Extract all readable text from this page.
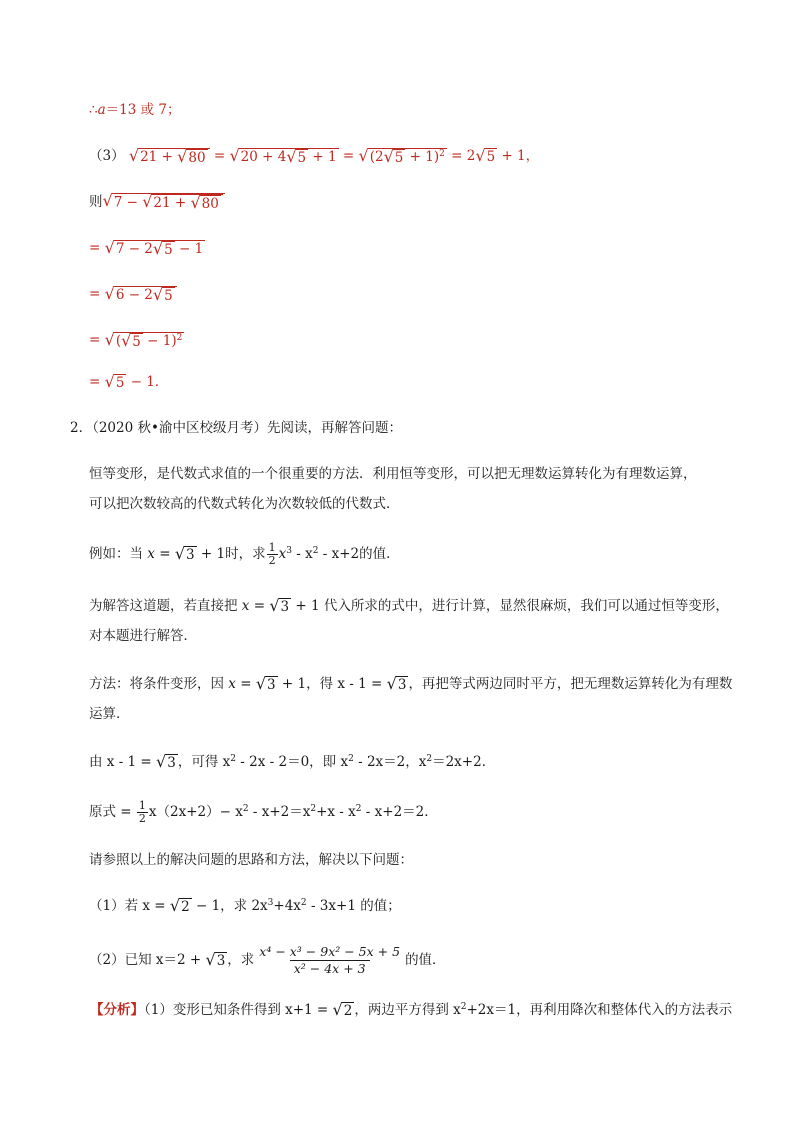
∴a＝13 或 7；
（3） √ 21 + √ 80 = √ 20 + 4 √ 5 + 1 = √ (2 √ 5 + 1)$^2$ = 2 √ 5 + 1，
则 √ 7 − √ 21 + √ 80
= √ 7 − 2 √ 5 − 1
= √ 6 − 2 √ 5
= √ ( √ 5 − 1)$^2$
= √ 5 − 1．
2．（2020 秋•渝中区校级月考）先阅读，再解答问题：
恒等变形，是代数式求值的一个很重要的方法．利用恒等变形，可以把无理数运算转化为有理数运算，
可以把次数较高的代数式转化为次数较低的代数式．
例如：当 x = √ 3 + 1时，求 $\frac{1}{2} x^3 - x^2 - x+2$的值．
为解答这道题，若直接把 x = √ 3 + 1 代入所求的式中，进行计算，显然很麻烦，我们可以通过恒等变形，
对本题进行解答．
方法：将条件变形，因 x = √ 3 + 1，得 x - 1 = √ 3 ，再把等式两边同时平方，把无理数运算转化为有理数
运算．
由 x - 1 = √ 3 ，可得 $x^2 - 2x - 2=0$，即 $x^2 - 2x=2$，$x^2=2x+2$．
原式 = $\frac{1}{2} x(2x+2)- x^2 - x+2=x^2+x - x^2 - x+2=2$．
请参照以上的解决问题的思路和方法，解决以下问题：
（1）若 x = √ 2 − 1，求 $2x^3+4x^2 - 3x+1$ 的值；
（2）已知 x＝2 + √ 3 ，求 $\frac{\text{x⁴ − x³ − 9x² − 5x + 5}}{\text{x² − 4x + 3}}$ 的值．
【分析】（1）变形已知条件得到 x+1 = √ 2 ，两边平方得到 $x^2+2x=1$，再利用降次和整体代入的方法表示
